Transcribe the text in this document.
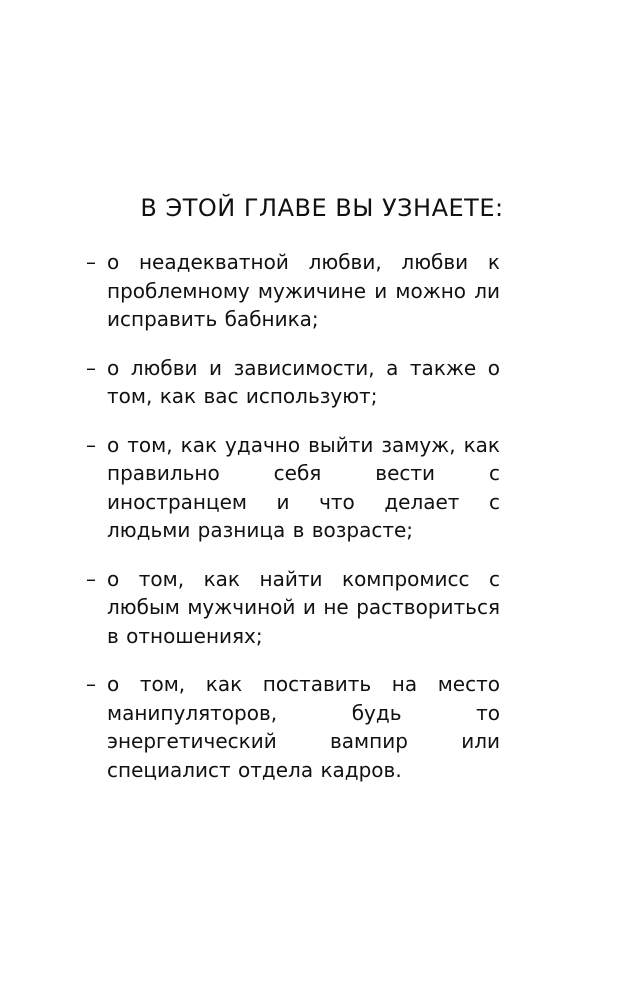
В ЭТОЙ ГЛАВЕ ВЫ УЗНАЕТЕ:
– о неадекватной любви, любви к проблемному мужичине и можно ли исправить бабника;
– о любви и зависимости, а также о том, как вас используют;
– о том, как удачно выйти замуж, как правильно себя вести с иностранцем и что делает с людьми разница в возрасте;
– о том, как найти компромисс с любым мужчиной и не раствориться в отношениях;
– о том, как поставить на место манипуляторов, будь то энергетический вампир или специалист отдела кадров.
